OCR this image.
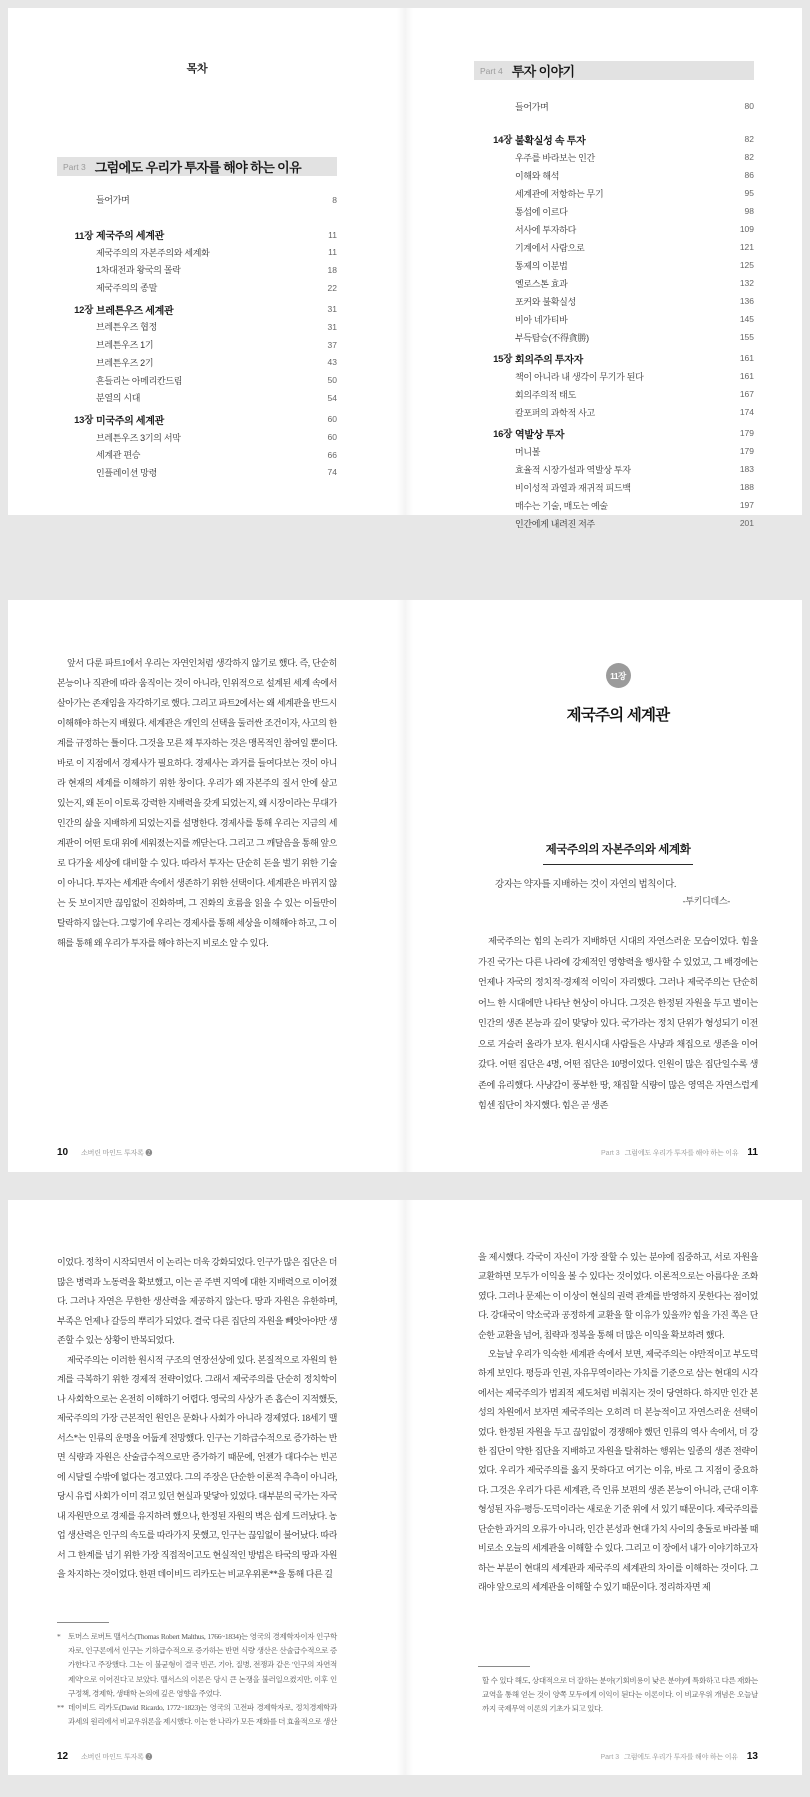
목차
Part 3 그럼에도 우리가 투자를 해야 하는 이유
들어가며	8
11장 제국주의 세계관	11
제국주의의 자본주의와 세계화	11
1차대전과 왕국의 몰락	18
제국주의의 종말	22
12장 브레튼우즈 세계관	31
브레튼우즈 협정	31
브레튼우즈 1기	37
브레튼우즈 2기	43
흔들리는 아메리칸드림	50
분열의 시대	54
13장 미국주의 세계관	60
브레튼우즈 3기의 서막	60
세계관 편승	66
인플레이션 망령	74
Part 4 투자 이야기
들어가며	80
14장 불확실성 속 투자	82
우주를 바라보는 인간	82
이해와 해석	86
세계관에 저항하는 무기	95
통섭에 이르다	98
서사에 투자하다	109
기계에서 사람으로	121
통제의 이분법	125
옐로스톤 효과	132
포커와 불확실성	136
비아 네가티바	145
부득탐승(不得貪勝)	155
15장 회의주의 투자자	161
책이 아니라 내 생각이 무기가 된다	161
회의주의적 태도	167
칼포퍼의 과학적 사고	174
16장 역발상 투자	179
머니볼	179
효율적 시장가설과 역발상 투자	183
비이성적 과열과 재귀적 피드백	188
매수는 기술, 매도는 예술	197
인간에게 내려진 저주	201

앞서 다룬 파트1에서 우리는 자연인처럼 생각하지 않기로 했다. 즉, 단순히 본능이나 직관에 따라 움직이는 것이 아니라, 인위적으로 설계된 세계 속에서 살아가는 존재임을 자각하기로 했다. 그리고 파트2에서는 왜 세계관을 반드시 이해해야 하는지 배웠다. 세계관은 개인의 선택을 둘러싼 조건이자, 사고의 한계를 규정하는 틀이다. 그것을 모른 채 투자하는 것은 맹목적인 참여일 뿐이다. 바로 이 지점에서 경제사가 필요하다. 경제사는 과거를 들여다보는 것이 아니라 현재의 세계를 이해하기 위한 창이다. 우리가 왜 자본주의 질서 안에 살고 있는지, 왜 돈이 이토록 강력한 지배력을 갖게 되었는지, 왜 시장이라는 무대가 인간의 삶을 지배하게 되었는지를 설명한다. 경제사를 통해 우리는 지금의 세계관이 어떤 토대 위에 세워졌는지를 깨닫는다. 그리고 그 깨달음을 통해 앞으로 다가올 세상에 대비할 수 있다. 따라서 투자는 단순히 돈을 벌기 위한 기술이 아니다. 투자는 세계관 속에서 생존하기 위한 선택이다. 세계관은 바뀌지 않는 듯 보이지만 끊임없이 진화하며, 그 진화의 흐름을 읽을 수 있는 이들만이 탈락하지 않는다. 그렇기에 우리는 경제사를 통해 세상을 이해해야 하고, 그 이해를 통해 왜 우리가 투자를 해야 하는지 비로소 알 수 있다.

10 소버린 마인드 투자록 ❷
11장
제국주의 세계관
제국주의의 자본주의와 세계화
강자는 약자를 지배하는 것이 자연의 법칙이다.
-투키디데스-

제국주의는 힘의 논리가 지배하던 시대의 자연스러운 모습이었다. 힘을 가진 국가는 다른 나라에 강제적인 영향력을 행사할 수 있었고, 그 배경에는 언제나 자국의 정치적·경제적 이익이 자리했다. 그러나 제국주의는 단순히 어느 한 시대에만 나타난 현상이 아니다. 그것은 한정된 자원을 두고 벌이는 인간의 생존 본능과 깊이 맞닿아 있다. 국가라는 정치 단위가 형성되기 이전으로 거슬러 올라가 보자. 원시시대 사람들은 사냥과 채집으로 생존을 이어 갔다. 어떤 집단은 4명, 어떤 집단은 10명이었다. 인원이 많은 집단일수록 생존에 유리했다. 사냥감이 풍부한 땅, 채집할 식량이 많은 영역은 자연스럽게 힘센 집단이 차지했다. 힘은 곧 생존

Part 3 그럼에도 우리가 투자를 해야 하는 이유 11

이었다. 정착이 시작되면서 이 논리는 더욱 강화되었다. 인구가 많은 집단은 더 많은 병력과 노동력을 확보했고, 이는 곧 주변 지역에 대한 지배력으로 이어졌다. 그러나 자연은 무한한 생산력을 제공하지 않는다. 땅과 자원은 유한하며, 부족은 언제나 갈등의 뿌리가 되었다. 결국 다른 집단의 자원을 빼앗아야만 생존할 수 있는 상황이 반복되었다.

제국주의는 이러한 원시적 구조의 연장선상에 있다. 본질적으로 자원의 한계를 극복하기 위한 경제적 전략이었다. 그래서 제국주의를 단순히 정치학이나 사회학으로는 온전히 이해하기 어렵다. 영국의 사상가 존 홉슨이 지적했듯, 제국주의의 가장 근본적인 원인은 문화나 사회가 아니라 경제였다. 18세기 맬서스*는 인류의 운명을 어둡게 전망했다. 인구는 기하급수적으로 증가하는 반면 식량과 자원은 산술급수적으로만 증가하기 때문에, 언젠가 대다수는 빈곤에 시달릴 수밖에 없다는 경고였다. 그의 주장은 단순한 이론적 추측이 아니라, 당시 유럽 사회가 이미 겪고 있던 현실과 맞닿아 있었다. 대부분의 국가는 자국 내 자원만으로 경제를 유지하려 했으나, 한정된 자원의 벽은 쉽게 드러났다. 농업 생산력은 인구의 속도를 따라가지 못했고, 인구는 끊임없이 불어났다. 따라서 그 한계를 넘기 위한 가장 직접적이고도 현실적인 방법은 타국의 땅과 자원을 차지하는 것이었다. 한편 데이비드 리카도는 비교우위론**을 통해 다른 길

* 토머스 로버트 맬서스(Thomas Robert Malthus, 1766~1834)는 영국의 경제학자이자 인구학자로, 인구론에서 인구는 기하급수적으로 증가하는 반면 식량 생산은 산술급수적으로 증가한다고 주장했다. 그는 이 불균형이 결국 빈곤, 기아, 질병, 전쟁과 같은 '인구의 자연적 제약'으로 이어진다고 보았다. 맬서스의 이론은 당시 큰 논쟁을 불러일으켰지만, 이후 인구정책, 경제학, 생태학 논의에 깊은 영향을 주었다.
** 데이비드 리카도(David Ricardo, 1772~1823)는 영국의 고전파 경제학자로, 정치경제학과 과세의 원리에서 비교우위론을 제시했다. 이는 한 나라가 모든 재화를 더 효율적으로 생산
12 소버린 마인드 투자록 ❷

을 제시했다. 각국이 자신이 가장 잘할 수 있는 분야에 집중하고, 서로 자원을 교환하면 모두가 이익을 볼 수 있다는 것이었다. 이론적으로는 아름다운 조화였다. 그러나 문제는 이 이상이 현실의 권력 관계를 반영하지 못한다는 점이었다. 강대국이 약소국과 공정하게 교환을 할 이유가 있을까? 힘을 가진 쪽은 단순한 교환을 넘어, 침략과 정복을 통해 더 많은 이익을 확보하려 했다.

오늘날 우리가 익숙한 세계관 속에서 보면, 제국주의는 야만적이고 부도덕하게 보인다. 평등과 인권, 자유무역이라는 가치를 기준으로 삼는 현대의 시각에서는 제국주의가 범죄적 제도처럼 비춰지는 것이 당연하다. 하지만 인간 본성의 차원에서 보자면 제국주의는 오히려 더 본능적이고 자연스러운 선택이었다. 한정된 자원을 두고 끊임없이 경쟁해야 했던 인류의 역사 속에서, 더 강한 집단이 약한 집단을 지배하고 자원을 탈취하는 행위는 일종의 생존 전략이었다. 우리가 제국주의를 옳지 못하다고 여기는 이유, 바로 그 지점이 중요하다. 그것은 우리가 다른 세계관, 즉 인류 보편의 생존 본능이 아니라, 근대 이후 형성된 자유·평등·도덕이라는 새로운 기준 위에 서 있기 때문이다. 제국주의를 단순한 과거의 오류가 아니라, 인간 본성과 현대 가치 사이의 충돌로 바라볼 때 비로소 오늘의 세계관을 이해할 수 있다. 그리고 이 장에서 내가 이야기하고자 하는 부분이 현대의 세계관과 제국주의 세계관의 차이를 이해하는 것이다. 그래야 앞으로의 세계관을 이해할 수 있기 때문이다. 정리하자면 제

할 수 있다 해도, 상대적으로 더 잘하는 분야(기회비용이 낮은 분야)에 특화하고 다른 재화는 교역을 통해 얻는 것이 양쪽 모두에게 이익이 된다는 이론이다. 이 비교우위 개념은 오늘날까지 국제무역 이론의 기초가 되고 있다.
Part 3 그럼에도 우리가 투자를 해야 하는 이유 13
